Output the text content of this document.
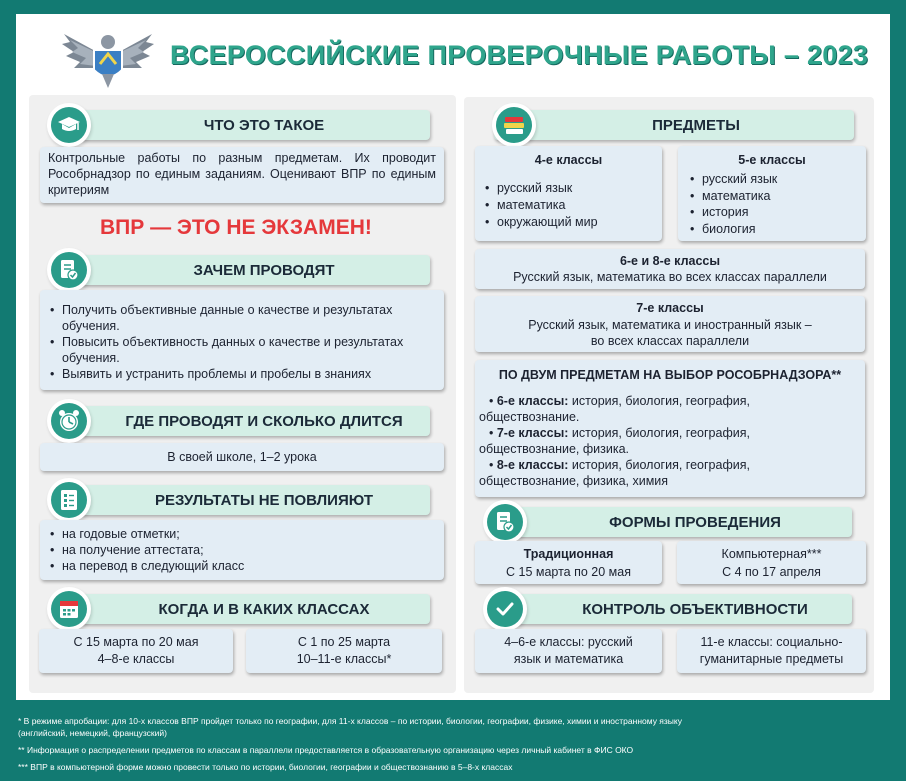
ВСЕРОССИЙСКИЕ ПРОВЕРОЧНЫЕ РАБОТЫ – 2023
ЧТО ЭТО ТАКОЕ
Контрольные работы по разным предметам. Их проводит Рособрнадзор по единым заданиям. Оценивают ВПР по единым критериям
ВПР — ЭТО НЕ ЭКЗАМЕН!
ЗАЧЕМ ПРОВОДЯТ
• Получить объективные данные о качестве и результатах обучения.
• Повысить объективность данных о качестве и результатах обучения.
• Выявить и устранить проблемы и пробелы в знаниях
ГДЕ ПРОВОДЯТ И СКОЛЬКО ДЛИТСЯ
В своей школе, 1–2 урока
РЕЗУЛЬТАТЫ НЕ ПОВЛИЯЮТ
• на годовые отметки;
• на получение аттестата;
• на перевод в следующий класс
КОГДА И В КАКИХ КЛАССАХ
С 15 марта по 20 мая
4–8-е классы
С 1 по 25 марта
10–11-е классы*
ПРЕДМЕТЫ
4-е классы
• русский язык
• математика
• окружающий мир
5-е классы
• русский язык
• математика
• история
• биология
6-е и 8-е классы
Русский язык, математика во всех классах параллели
7-е классы
Русский язык, математика и иностранный язык –
во всех классах параллели
ПО ДВУМ ПРЕДМЕТАМ НА ВЫБОР РОСОБРНАДЗОРА**
• 6-е классы: история, биология, география,
обществознание.
• 7-е классы: история, биология, география,
обществознание, физика.
• 8-е классы: история, биология, география,
обществознание, физика, химия
ФОРМЫ ПРОВЕДЕНИЯ
Традиционная
С 15 марта по 20 мая
Компьютерная***
С 4 по 17 апреля
КОНТРОЛЬ ОБЪЕКТИВНОСТИ
4–6-е классы: русский
язык и математика
11-е классы: социально-
гуманитарные предметы
* В режиме апробации: для 10-х классов ВПР пройдет только по географии, для 11-х классов – по истории, биологии, географии, физике, химии и иностранному языку
(английский, немецкий, французский)
** Информация о распределении предметов по классам в параллели предоставляется в образовательную организацию через личный кабинет в ФИС ОКО
*** ВПР в компьютерной форме можно провести только по истории, биологии, географии и обществознанию в 5–8-х классах
